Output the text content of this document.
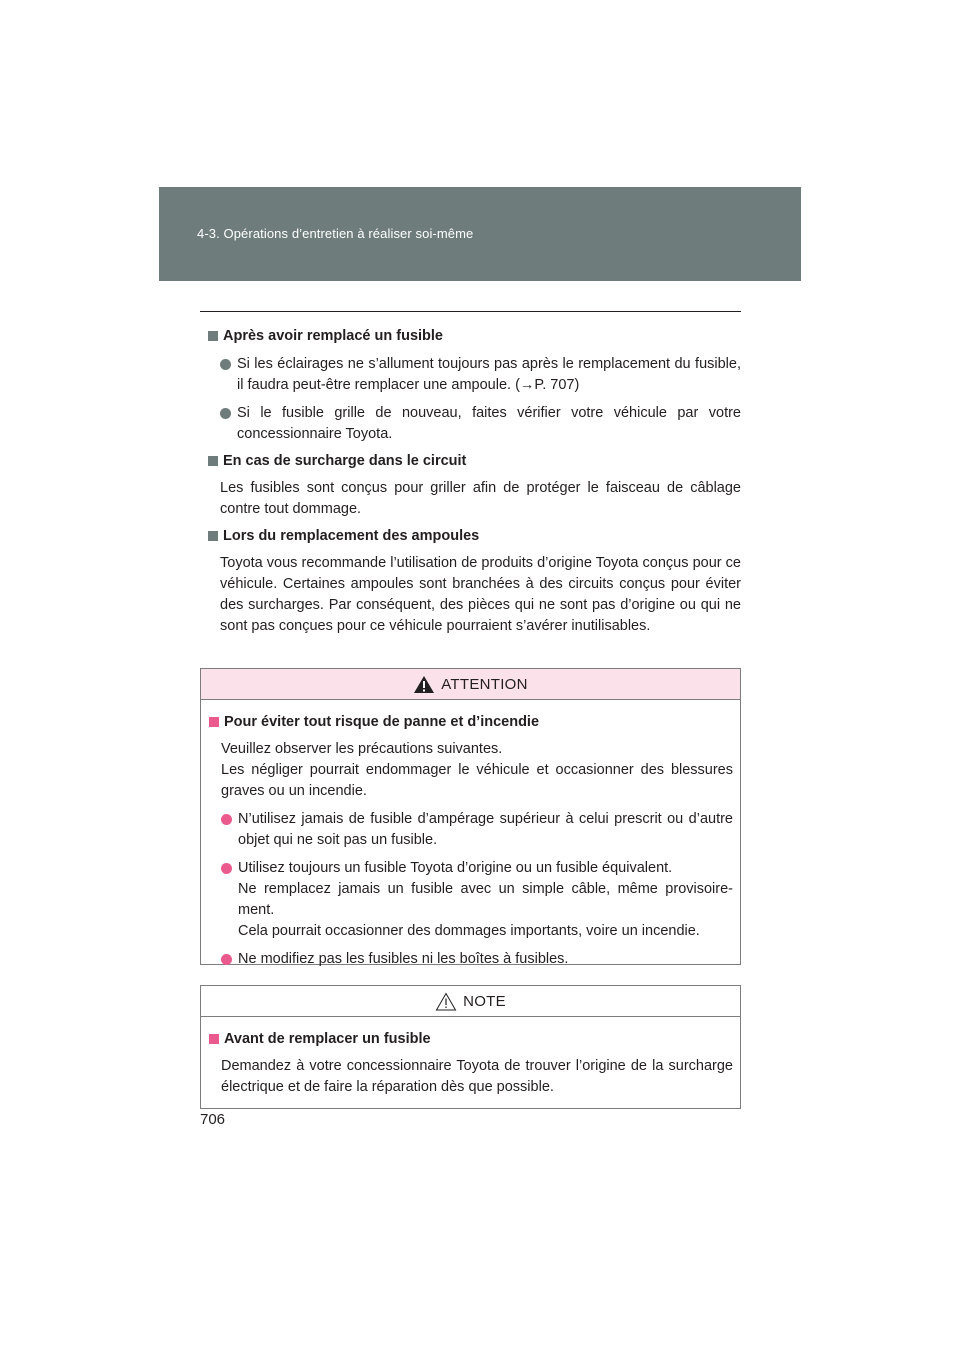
4-3. Opérations d’entretien à réaliser soi-même
Après avoir remplacé un fusible
Si les éclairages ne s’allument toujours pas après le remplacement du fusible, il faudra peut-être remplacer une ampoule. (→P. 707)
Si le fusible grille de nouveau, faites vérifier votre véhicule par votre concessionnaire Toyota.
En cas de surcharge dans le circuit
Les fusibles sont conçus pour griller afin de protéger le faisceau de câblage contre tout dommage.
Lors du remplacement des ampoules
Toyota vous recommande l’utilisation de produits d’origine Toyota conçus pour ce véhicule. Certaines ampoules sont branchées à des circuits conçus pour éviter des surcharges. Par conséquent, des pièces qui ne sont pas d’origine ou qui ne sont pas conçues pour ce véhicule pourraient s’avérer inutilisables.
ATTENTION
Pour éviter tout risque de panne et d’incendie
Veuillez observer les précautions suivantes.
Les négliger pourrait endommager le véhicule et occasionner des blessures graves ou un incendie.
N’utilisez jamais de fusible d’ampérage supérieur à celui prescrit ou d’autre objet qui ne soit pas un fusible.
Utilisez toujours un fusible Toyota d’origine ou un fusible équivalent.
Ne remplacez jamais un fusible avec un simple câble, même provisoire-ment.
Cela pourrait occasionner des dommages importants, voire un incendie.
Ne modifiez pas les fusibles ni les boîtes à fusibles.
NOTE
Avant de remplacer un fusible
Demandez à votre concessionnaire Toyota de trouver l’origine de la surcharge électrique et de faire la réparation dès que possible.
706
